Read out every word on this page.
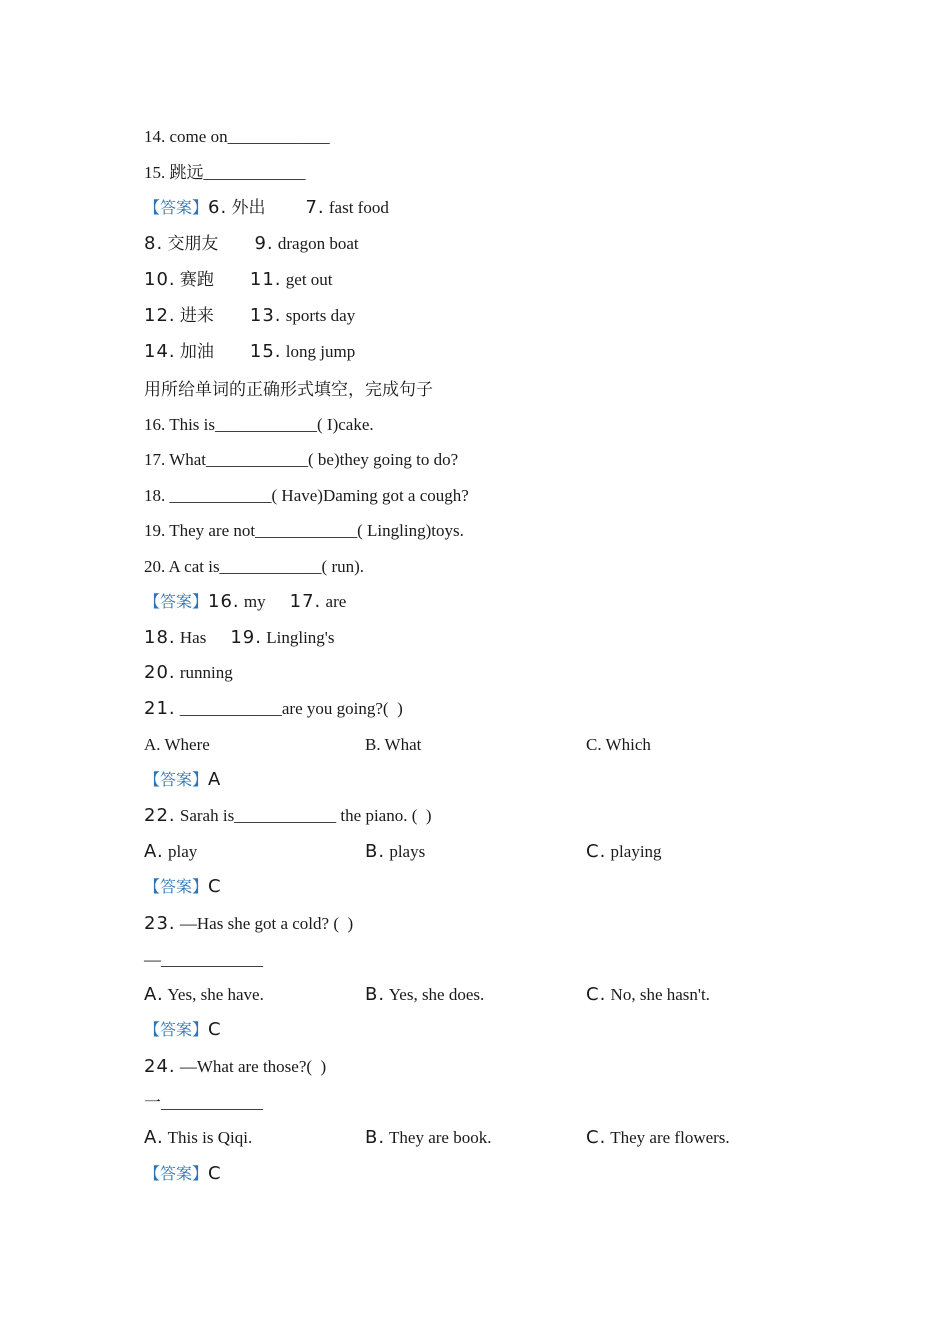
14. come on____________

15. 跳远____________

【答案】6. 外出 7. fast food

8. 交朋友 9. dragon boat

10. 赛跑 11. get out

12. 进来 13. sports day

14. 加油 15. long jump

用所给单词的正确形式填空，完成句子

16. This is____________( I)cake.

17. What____________( be)they going to do?

18. ____________( Have)Daming got a cough?

19. They are not____________( Lingling)toys.

20. A cat is____________( run).

【答案】16. my 17. are

18. Has 19. Lingling's

20. running

21. ____________are you going?(  )

A. Where	B. What	C. Which

【答案】A

22. Sarah is____________ the piano. (  )

A. play	B. plays	C. playing

【答案】C

23. —Has she got a cold? (  )

—____________

A. Yes, she have.	B. Yes, she does.	C. No, she hasn't.

【答案】C

24. —What are those?(  )

一____________

A. This is Qiqi.	B. They are book.	C. They are flowers.

【答案】C
